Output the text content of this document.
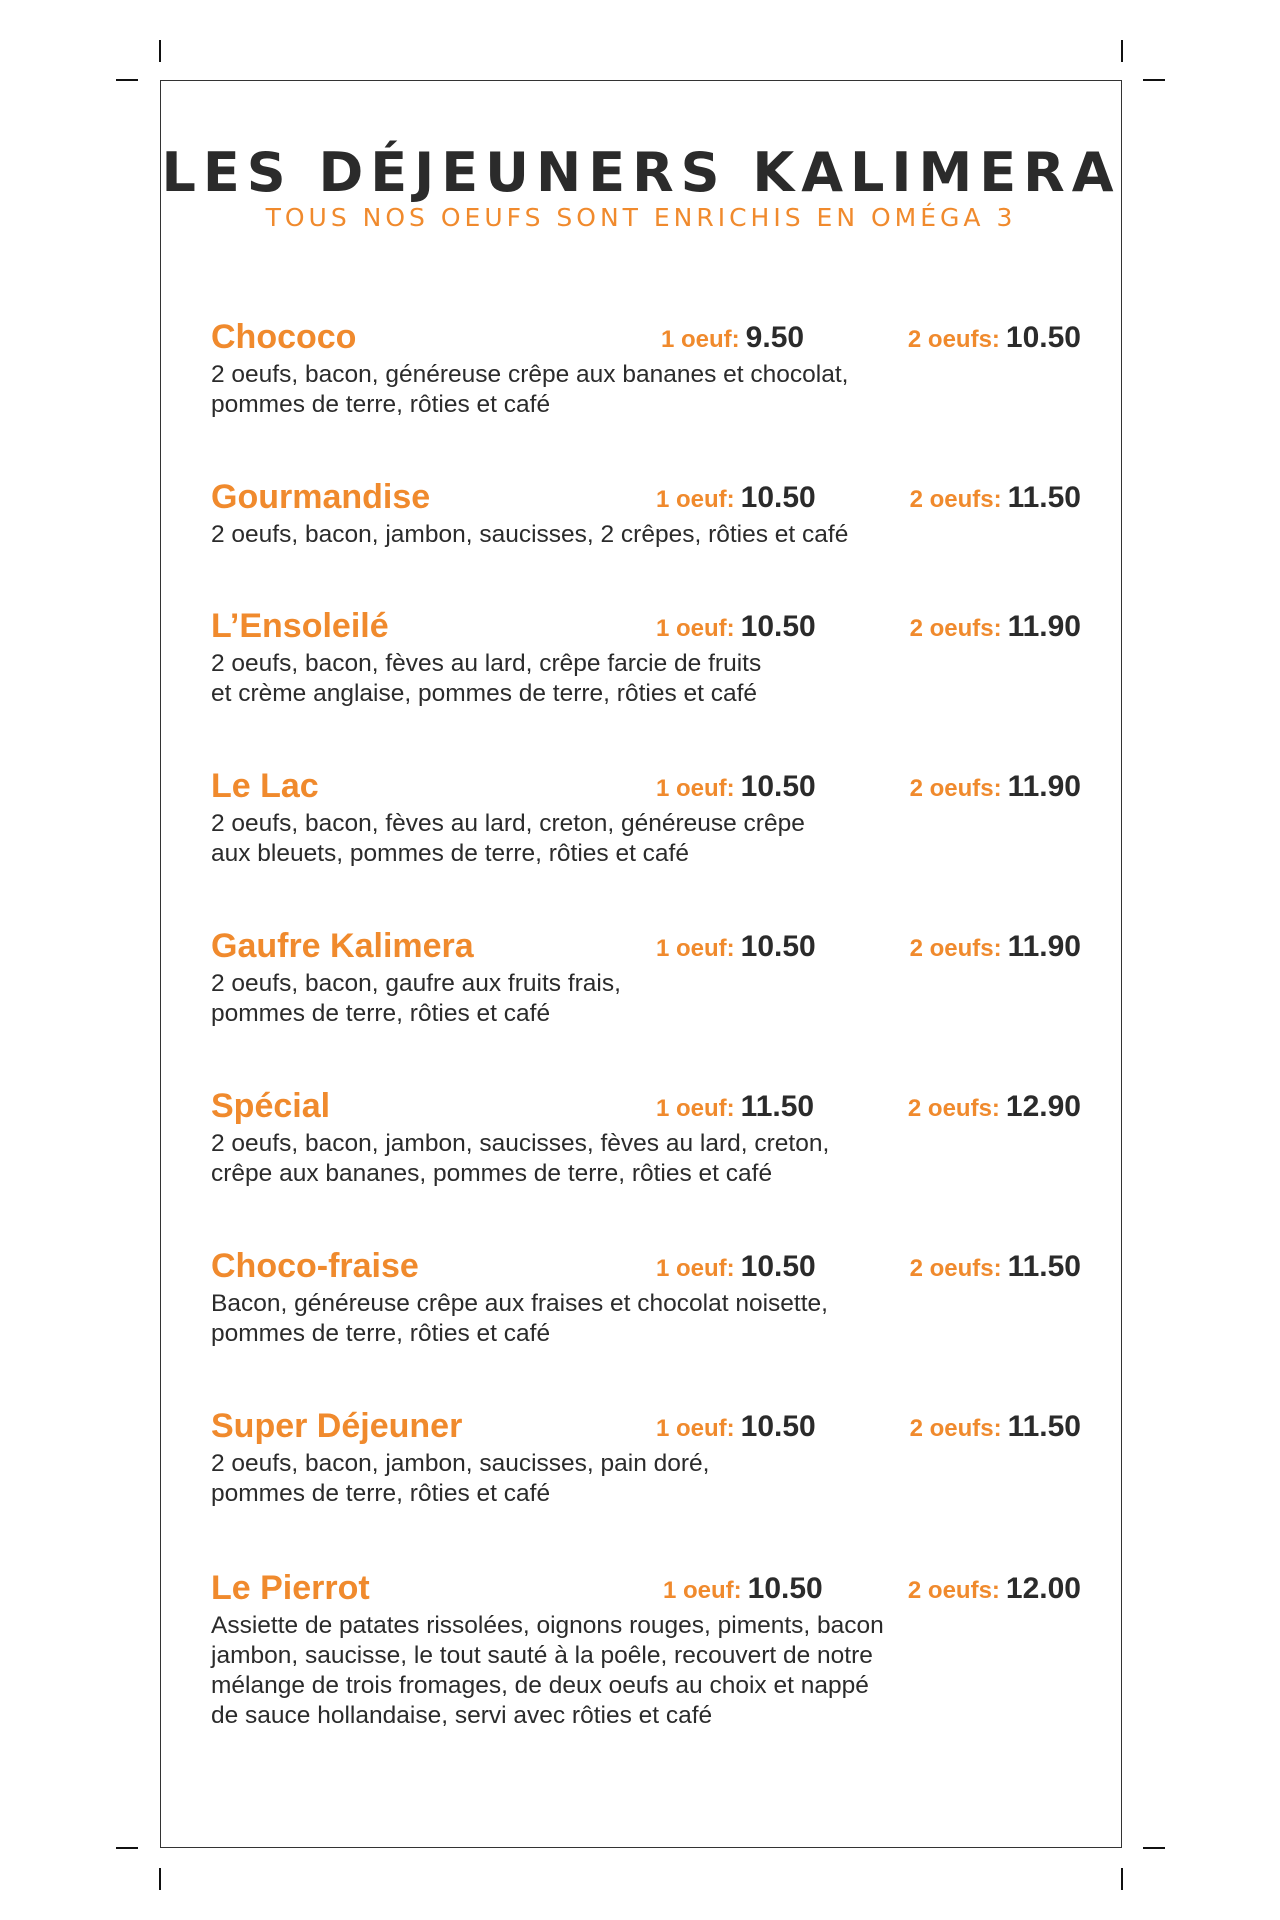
LES DÉJEUNERS KALIMERA
TOUS NOS OEUFS SONT ENRICHIS EN OMÉGA 3
Chococo	1 oeuf: 9.50	2 oeufs: 10.50
2 oeufs, bacon, généreuse crêpe aux bananes et chocolat,
pommes de terre, rôties et café
Gourmandise	1 oeuf: 10.50	2 oeufs: 11.50
2 oeufs, bacon, jambon, saucisses, 2 crêpes, rôties et café
L’Ensoleilé	1 oeuf: 10.50	2 oeufs: 11.90
2 oeufs, bacon, fèves au lard, crêpe farcie de fruits
et crème anglaise, pommes de terre, rôties et café
Le Lac	1 oeuf: 10.50	2 oeufs: 11.90
2 oeufs, bacon, fèves au lard, creton, généreuse crêpe
aux bleuets, pommes de terre, rôties et café
Gaufre Kalimera	1 oeuf: 10.50	2 oeufs: 11.90
2 oeufs, bacon, gaufre aux fruits frais,
pommes de terre, rôties et café
Spécial	1 oeuf: 11.50	2 oeufs: 12.90
2 oeufs, bacon, jambon, saucisses, fèves au lard, creton,
crêpe aux bananes, pommes de terre, rôties et café
Choco-fraise	1 oeuf: 10.50	2 oeufs: 11.50
Bacon, généreuse crêpe aux fraises et chocolat noisette,
pommes de terre, rôties et café
Super Déjeuner	1 oeuf: 10.50	2 oeufs: 11.50
2 oeufs, bacon, jambon, saucisses, pain doré,
pommes de terre, rôties et café
Le Pierrot	1 oeuf: 10.50	2 oeufs: 12.00
Assiette de patates rissolées, oignons rouges, piments, bacon
jambon, saucisse, le tout sauté à la poêle, recouvert de notre
mélange de trois fromages, de deux oeufs au choix et nappé
de sauce hollandaise, servi avec rôties et café
